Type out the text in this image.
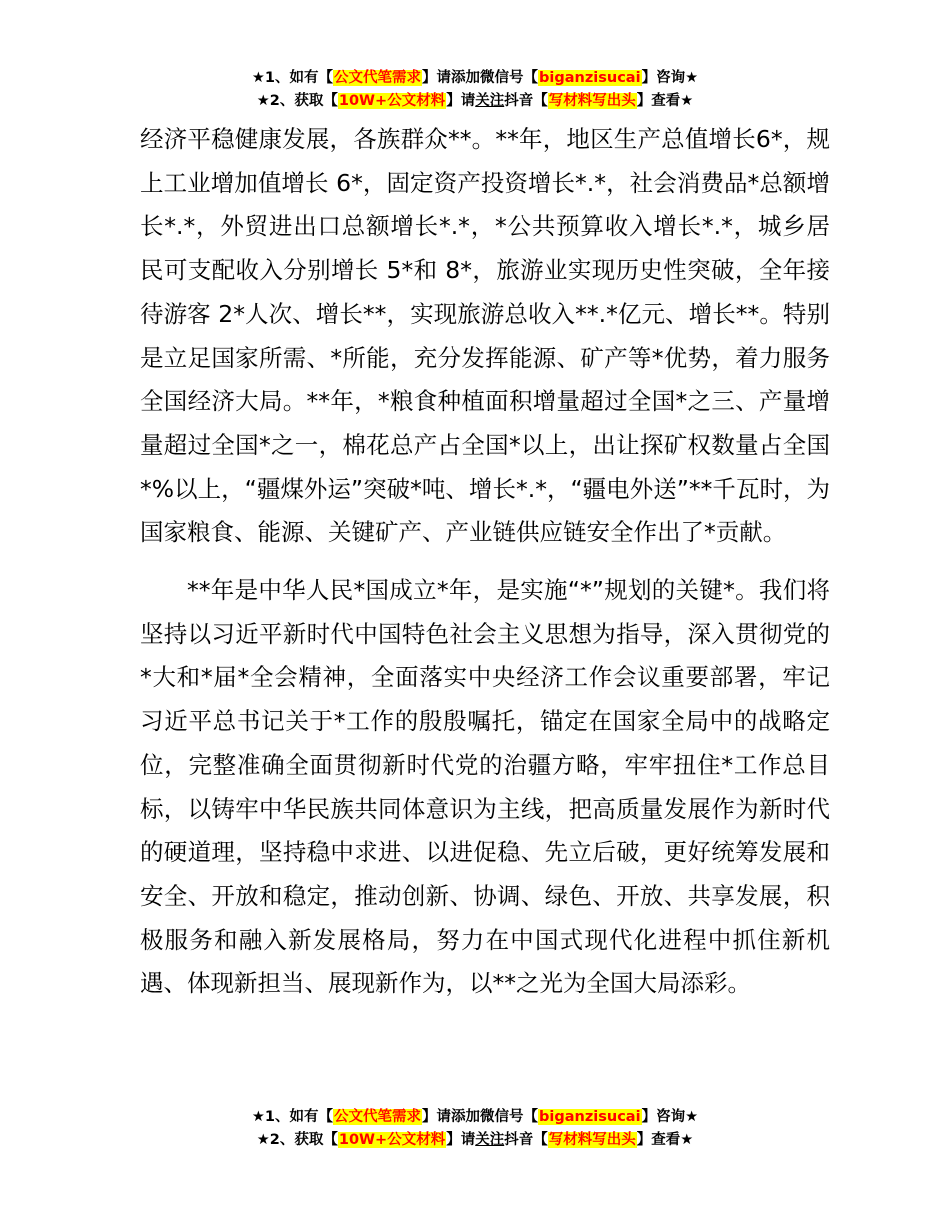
★1、如有【公文代笔需求】请添加微信号【biganzisucai】咨询★
★2、获取【10W+公文材料】请关注抖音【写材料写出头】查看★

经济平稳健康发展，各族群众**。**年，地区生产总值增长6*，规上工业增加值增长 6*，固定资产投资增长*.*，社会消费品*总额增长*.*，外贸进出口总额增长*.*，*公共预算收入增长*.*，城乡居民可支配收入分别增长 5*和 8*，旅游业实现历史性突破，全年接待游客 2*人次、增长**，实现旅游总收入**.*亿元、增长**。特别是立足国家所需、*所能，充分发挥能源、矿产等*优势，着力服务全国经济大局。**年，*粮食种植面积增量超过全国*之三、产量增量超过全国*之一，棉花总产占全国*以上，出让探矿权数量占全国*%以上，“疆煤外运”突破*吨、增长*.*，“疆电外送”**千瓦时，为国家粮食、能源、关键矿产、产业链供应链安全作出了*贡献。

**年是中华人民*国成立*年，是实施“*”规划的关键*。我们将坚持以习近平新时代中国特色社会主义思想为指导，深入贯彻党的*大和*届*全会精神，全面落实中央经济工作会议重要部署，牢记习近平总书记关于*工作的殷殷嘱托，锚定在国家全局中的战略定位，完整准确全面贯彻新时代党的治疆方略，牢牢扭住*工作总目标，以铸牢中华民族共同体意识为主线，把高质量发展作为新时代的硬道理，坚持稳中求进、以进促稳、先立后破，更好统筹发展和安全、开放和稳定，推动创新、协调、绿色、开放、共享发展，积极服务和融入新发展格局，努力在中国式现代化进程中抓住新机遇、体现新担当、展现新作为，以**之光为全国大局添彩。

★1、如有【公文代笔需求】请添加微信号【biganzisucai】咨询★
★2、获取【10W+公文材料】请关注抖音【写材料写出头】查看★
